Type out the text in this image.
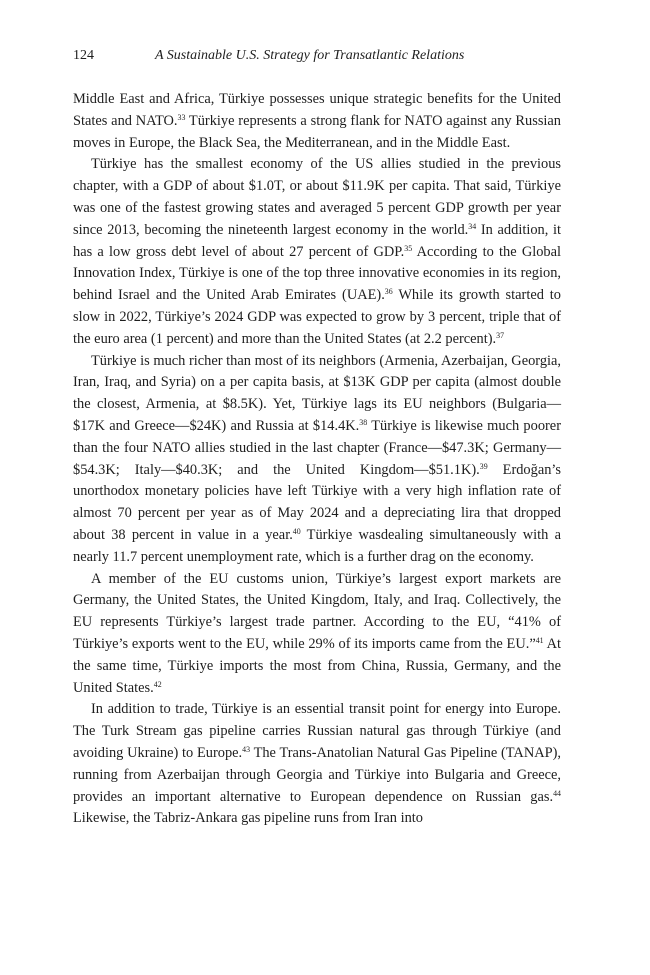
124	A Sustainable U.S. Strategy for Transatlantic Relations

Middle East and Africa, Türkiye possesses unique strategic benefits for the United States and NATO.$^{33}$ Türkiye represents a strong flank for NATO against any Russian moves in Europe, the Black Sea, the Mediterranean, and in the Middle East.

Türkiye has the smallest economy of the US allies studied in the previous chapter, with a GDP of about $1.0T, or about $11.9K per capita. That said, Türkiye was one of the fastest growing states and averaged 5 percent GDP growth per year since 2013, becoming the nineteenth largest economy in the world.$^{34}$ In addition, it has a low gross debt level of about 27 percent of GDP.$^{35}$ According to the Global Innovation Index, Türkiye is one of the top three innovative economies in its region, behind Israel and the United Arab Emirates (UAE).$^{36}$ While its growth started to slow in 2022, Türkiye’s 2024 GDP was expected to grow by 3 percent, triple that of the euro area (1 percent) and more than the United States (at 2.2 percent).$^{37}$

Türkiye is much richer than most of its neighbors (Armenia, Azerbaijan, Georgia, Iran, Iraq, and Syria) on a per capita basis, at $13K GDP per capita (almost double the closest, Armenia, at $8.5K). Yet, Türkiye lags its EU neighbors (Bulgaria—$17K and Greece—$24K) and Russia at $14.4K.$^{38}$ Türkiye is likewise much poorer than the four NATO allies studied in the last chapter (France—$47.3K; Germany—$54.3K; Italy—$40.3K; and the United Kingdom—$51.1K).$^{39}$ Erdoğan’s unorthodox monetary policies have left Türkiye with a very high inflation rate of almost 70 percent per year as of May 2024 and a depreciating lira that dropped about 38 percent in value in a year.$^{40}$ Türkiye wasdealing simultaneously with a nearly 11.7 percent unemployment rate, which is a further drag on the economy.

A member of the EU customs union, Türkiye’s largest export markets are Germany, the United States, the United Kingdom, Italy, and Iraq. Collectively, the EU represents Türkiye’s largest trade partner. According to the EU, “41% of Türkiye’s exports went to the EU, while 29% of its imports came from the EU.”$^{41}$ At the same time, Türkiye imports the most from China, Russia, Germany, and the United States.$^{42}$

In addition to trade, Türkiye is an essential transit point for energy into Europe. The Turk Stream gas pipeline carries Russian natural gas through Türkiye (and avoiding Ukraine) to Europe.$^{43}$ The Trans-Anatolian Natural Gas Pipeline (TANAP), running from Azerbaijan through Georgia and Türkiye into Bulgaria and Greece, provides an important alternative to European dependence on Russian gas.$^{44}$ Likewise, the Tabriz-Ankara gas pipeline runs from Iran into
